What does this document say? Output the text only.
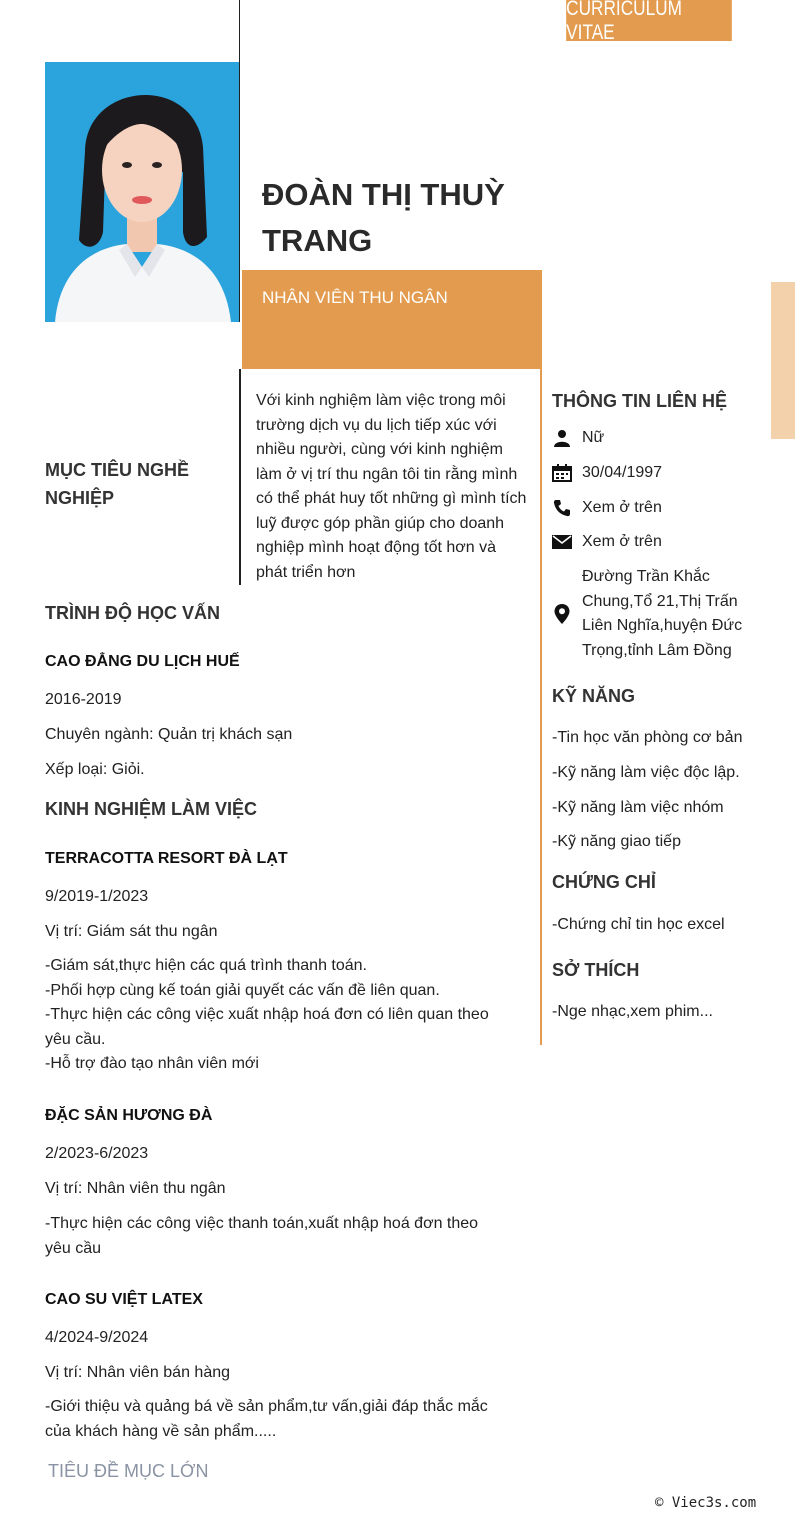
CURRICULUM VITAE
ĐOÀN THỊ THUỲ TRANG
NHÂN VIÊN THU NGÂN
MỤC TIÊU NGHỀ NGHIỆP
Với kinh nghiệm làm việc trong môi trường dịch vụ du lịch tiếp xúc với nhiều người, cùng với kinh nghiệm làm ở vị trí thu ngân tôi tin rằng mình có thể phát huy tốt những gì mình tích luỹ được góp phần giúp cho doanh nghiệp mình hoạt động tốt hơn và phát triển hơn
TRÌNH ĐỘ HỌC VẤN
CAO ĐẲNG DU LỊCH HUẾ
2016-2019
Chuyên ngành: Quản trị khách sạn
Xếp loại: Giỏi.
KINH NGHIỆM LÀM VIỆC
TERRACOTTA RESORT ĐÀ LẠT
9/2019-1/2023
Vị trí: Giám sát thu ngân
-Giám sát,thực hiện các quá trình thanh toán.
-Phối hợp cùng kế toán giải quyết các vấn đề liên quan.
-Thực hiện các công việc xuất nhập hoá đơn có liên quan theo yêu cầu.
-Hỗ trợ đào tạo nhân viên mới
ĐẶC SẢN HƯƠNG ĐÀ
2/2023-6/2023
Vị trí: Nhân viên thu ngân
-Thực hiện các công việc thanh toán,xuất nhập hoá đơn theo yêu cầu
CAO SU VIỆT LATEX
4/2024-9/2024
Vị trí: Nhân viên bán hàng
-Giới thiệu và quảng bá về sản phẩm,tư vấn,giải đáp thắc mắc của khách hàng về sản phẩm.....
THÔNG TIN LIÊN HỆ
Nữ
30/04/1997
Xem ở trên
Xem ở trên
Đường Trần Khắc Chung,Tổ 21,Thị Trấn Liên Nghĩa,huyện Đức Trọng,tỉnh Lâm Đồng
KỸ NĂNG
-Tin học văn phòng cơ bản
-Kỹ năng làm việc độc lập.
-Kỹ năng làm việc nhóm
-Kỹ năng giao tiếp
CHỨNG CHỈ
-Chứng chỉ tin học excel
SỞ THÍCH
-Nge nhạc,xem phim...
TIÊU ĐỀ MỤC LỚN
© Viec3s.com
